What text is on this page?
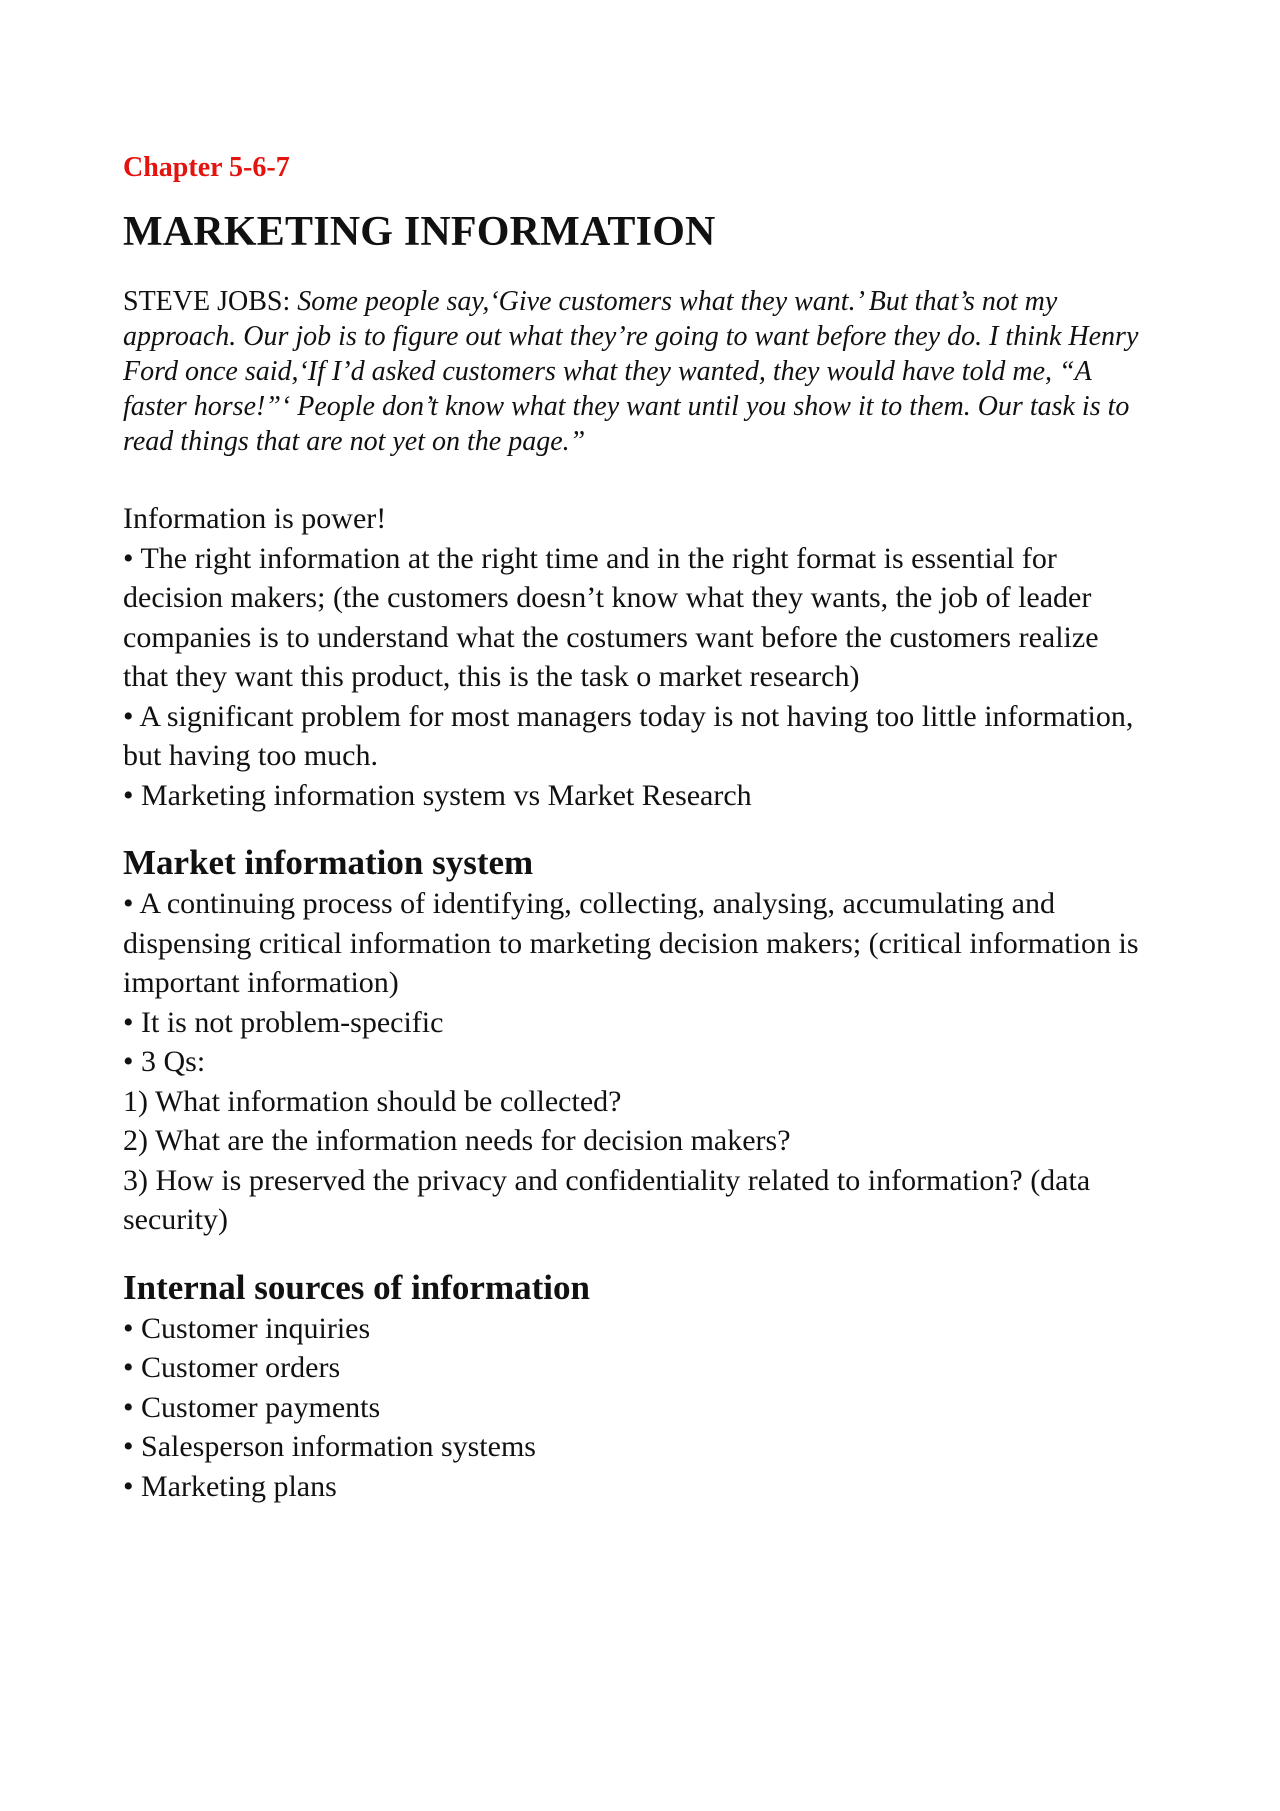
Chapter 5-6-7
MARKETING INFORMATION

STEVE JOBS: Some people say,‘Give customers what they want.’ But that’s not my approach. Our job is to figure out what they’re going to want before they do. I think Henry Ford once said,‘If I’d asked customers what they wanted, they would have told me, “A faster horse!”‘ People don’t know what they want until you show it to them. Our task is to read things that are not yet on the page.”

Information is power!
• The right information at the right time and in the right format is essential for decision makers; (the customers doesn’t know what they wants, the job of leader companies is to understand what the costumers want before the customers realize that they want this product, this is the task o market research)
• A significant problem for most managers today is not having too little information, but having too much.
• Marketing information system vs Market Research
Market information system
• A continuing process of identifying, collecting, analysing, accumulating and dispensing critical information to marketing decision makers; (critical information is important information)
• It is not problem-specific
• 3 Qs:
1) What information should be collected?
2) What are the information needs for decision makers?
3) How is preserved the privacy and confidentiality related to information? (data security)
Internal sources of information
• Customer inquiries
• Customer orders
• Customer payments
• Salesperson information systems
• Marketing plans
